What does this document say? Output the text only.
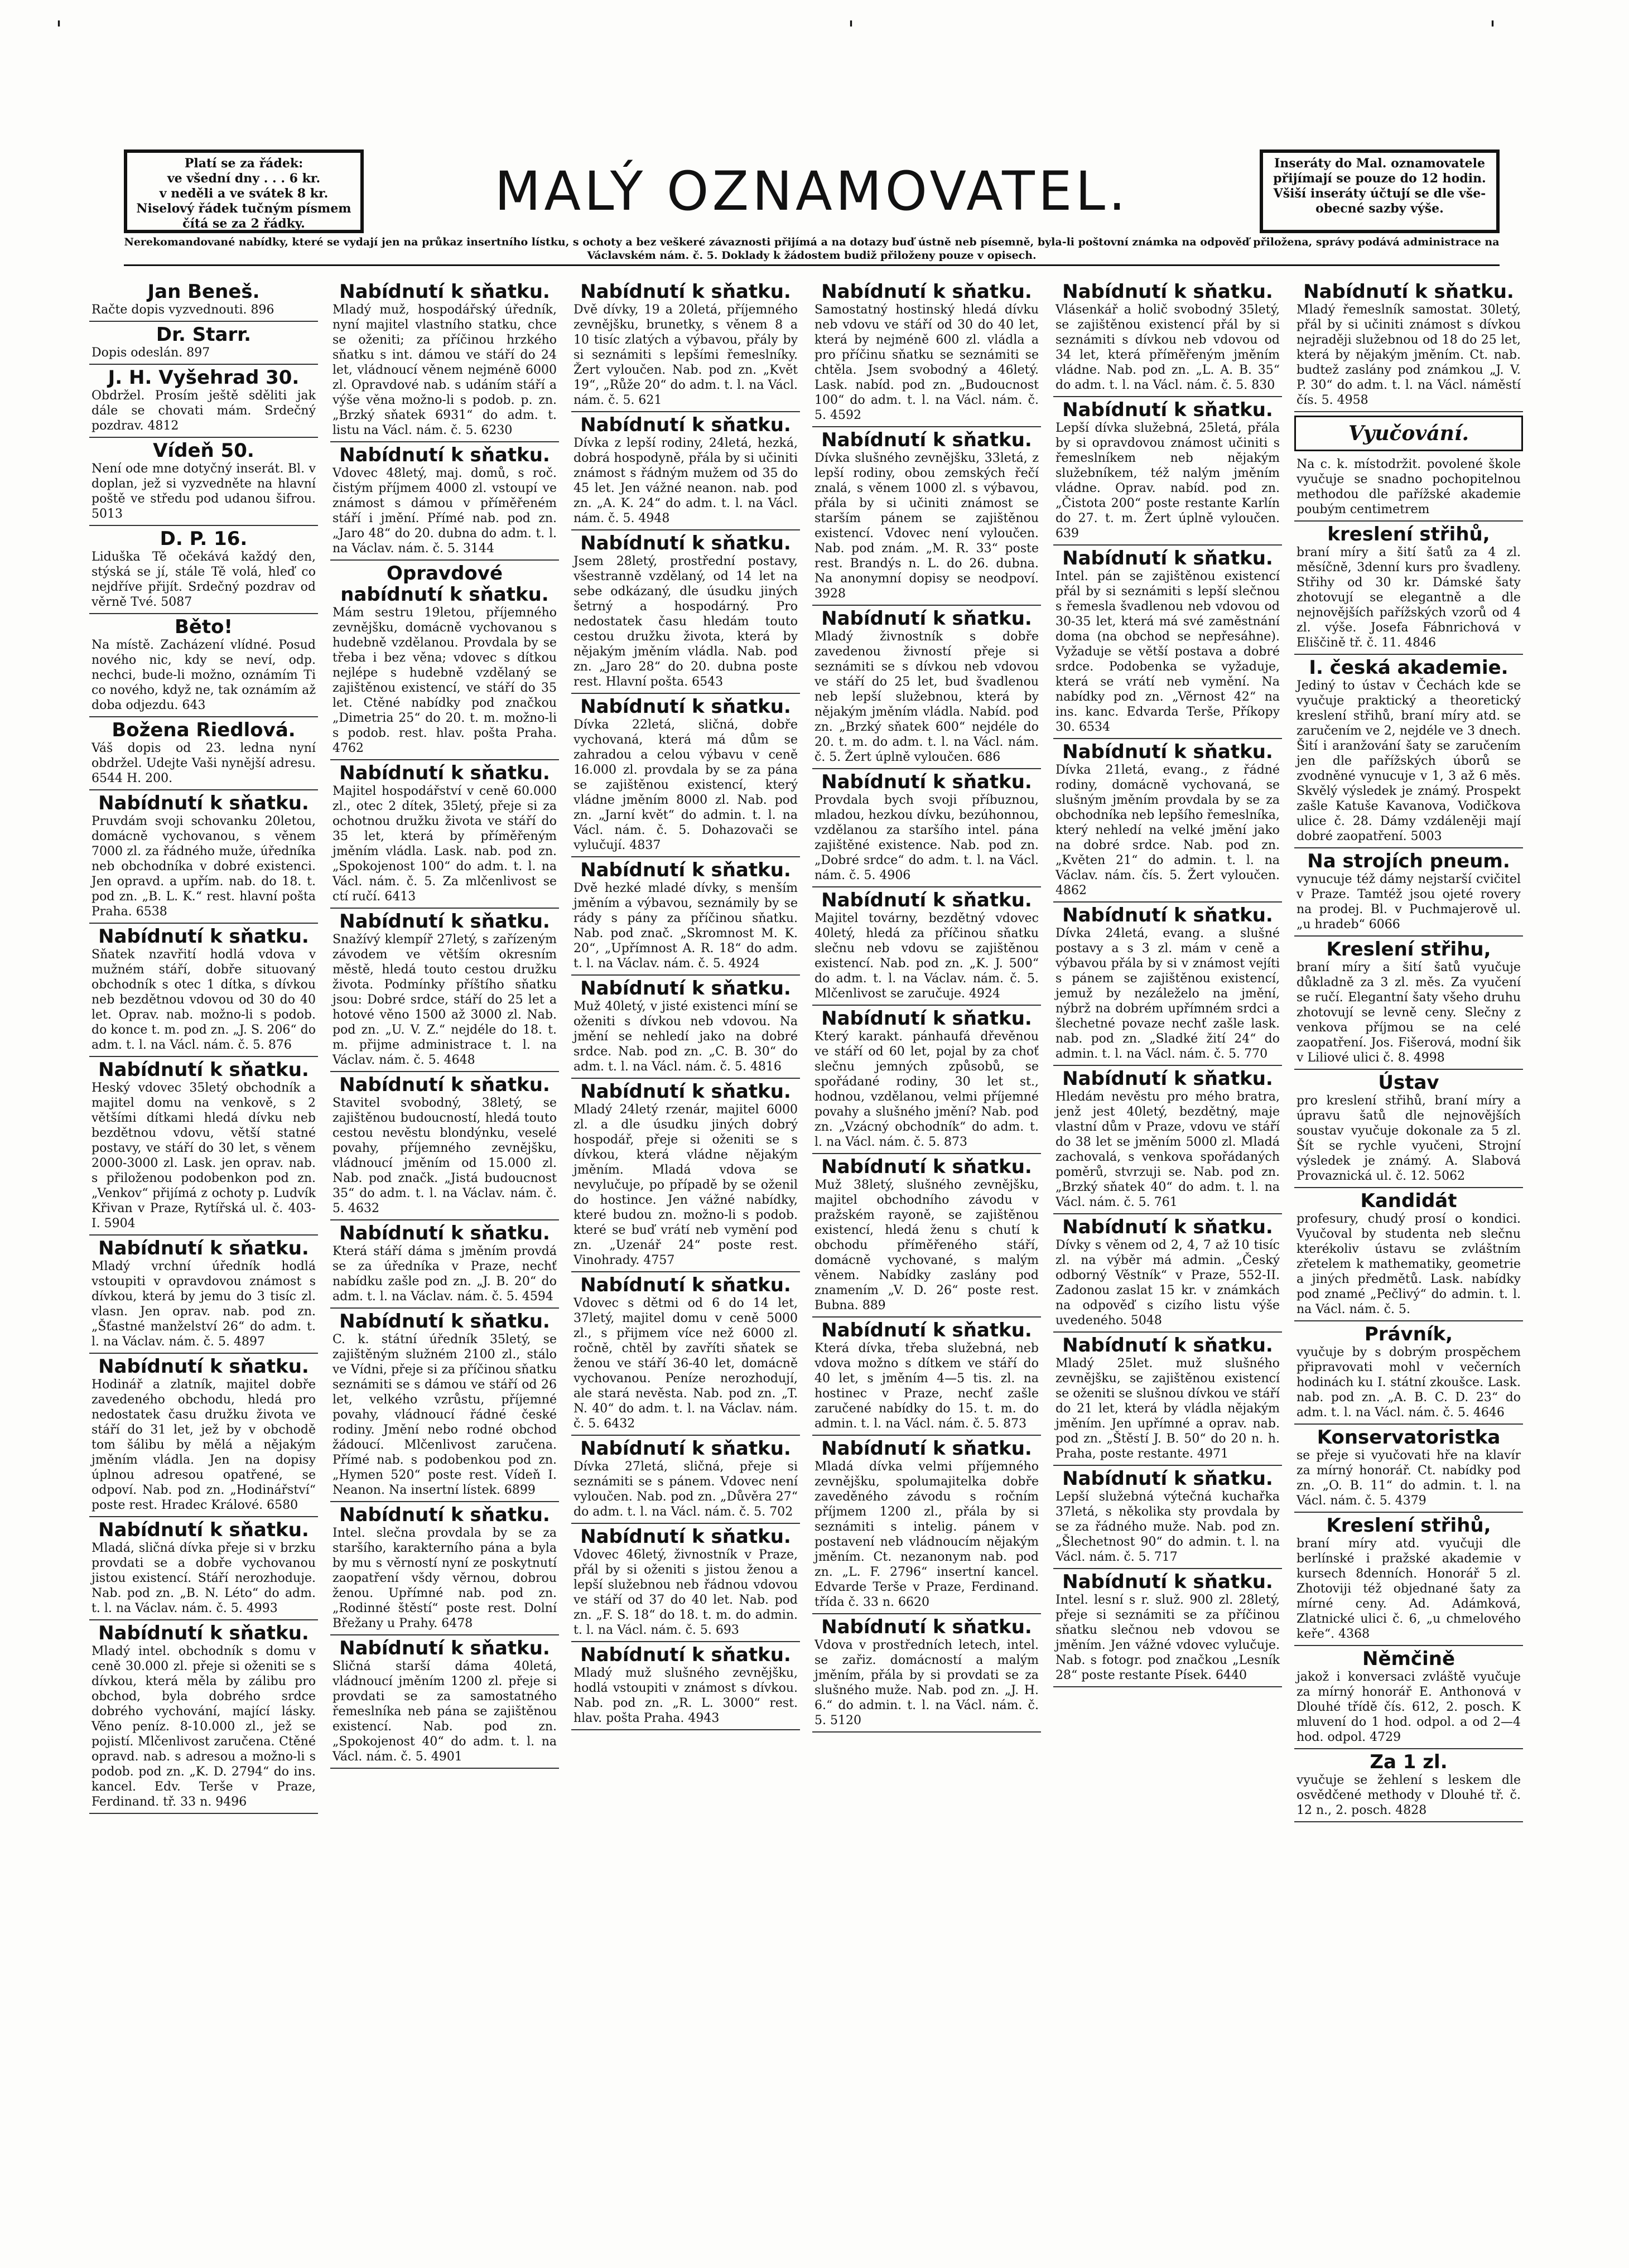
'	'	'
Platí se za řádek:
ve všední dny . . . 6 kr.
v neděli a ve svátek 8 kr.
Niselový řádek tučným písmem
čítá se za 2 řádky.
MALÝ OZNAMOVATEL.	Inseráty do Mal. oznamovatele
přijímají se pouze do 12 hodin.
Všiší inseráty účtují se dle vše-
obecné sazby výše.
Nerekomandované nabídky, které se vydají jen na průkaz insertního lístku, s ochoty a bez veškeré závaznosti přijímá a na dotazy buď ústně neb písemně, byla-li poštovní známka na odpověď přiložena, správy podává administrace na Václavském nám. č. 5. Doklady k žádostem budiž přiloženy pouze v opisech.
Jan Beneš.

Račte dopis vyzvednouti. 896

Dr. Starr.

Dopis odeslán. 897

J. H. Vyšehrad 30.

Obdržel. Prosím ještě sděliti jak dále se chovati mám. Srdečný pozdrav. 4812

Vídeň 50.

Není ode mne dotyčný inserát. Bl. v doplan, jež si vyzvedněte na hlavní poště ve středu pod udanou šifrou. 5013

D. P. 16.

Liduška Tě očekává každý den, stýská se jí, stále Tě volá, hleď co nejdříve přijít. Srdečný pozdrav od věrně Tvé. 5087

Běto!

Na místě. Zacházení vlídné. Posud nového nic, kdy se neví, odp. nechci, bude-li možno, oznámím Ti co nového, když ne, tak oznámím až doba odjezdu. 643

Božena Riedlová.

Váš dopis od 23. ledna nyní obdržel. Udejte Vaši nynější adresu. 6544 H. 200.

Nabídnutí k sňatku.

Pruvdám svoji schovanku 20letou, domácně vychovanou, s věnem 7000 zl. za řádného muže, úředníka neb obchodníka v dobré existenci. Jen opravd. a upřím. nab. do 18. t. pod zn. „B. L. K.“ rest. hlavní pošta Praha. 6538

Nabídnutí k sňatku.

Sňatek nzavřití hodlá vdova v mužném stáří, dobře situovaný obchodník s otec 1 dítka, s dívkou neb bezdětnou vdovou od 30 do 40 let. Oprav. nab. možno-li s podob. do konce t. m. pod zn. „J. S. 206“ do adm. t. l. na Václ. nám. č. 5. 876

Nabídnutí k sňatku.

Heský vdovec 35letý obchodník a majitel domu na venkově, s 2 většími dítkami hledá dívku neb bezdětnou vdovu, větší statné postavy, ve stáří do 30 let, s věnem 2000-3000 zl. Lask. jen oprav. nab. s přiloženou podobenkon pod zn. „Venkov“ přijímá z ochoty p. Ludvík Křivan v Praze, Rytířská ul. č. 403-I. 5904

Nabídnutí k sňatku.

Mladý vrchní úředník hodlá vstoupiti v opravdovou známost s dívkou, která by jemu do 3 tisíc zl. vlasn. Jen oprav. nab. pod zn. „Šťastné manželství 26“ do adm. t. l. na Václav. nám. č. 5. 4897

Nabídnutí k sňatku.

Hodinář a zlatník, majitel dobře zavedeného obchodu, hledá pro nedostatek času družku života ve stáří do 31 let, jež by v obchodě tom šálibu by mělá a nějakým jměním vládla. Jen na dopisy úplnou adresou opatřené, se odpoví. Nab. pod zn. „Hodinářství“ poste rest. Hradec Králové. 6580

Nabídnutí k sňatku.

Mladá, sličná dívka přeje si v brzku provdati se a dobře vychovanou jistou existencí. Stáří nerozhoduje. Nab. pod zn. „B. N. Léto“ do adm. t. l. na Václav. nám. č. 5. 4993

Nabídnutí k sňatku.

Mladý intel. obchodník s domu v ceně 30.000 zl. přeje si oženiti se s dívkou, která měla by zálibu pro obchod, byla dobrého srdce dobrého vychování, mající lásky. Věno peníz. 8-10.000 zl., jež se pojistí. Mlčenlivost zaručena. Ctěné opravd. nab. s adresou a možno-li s podob. pod zn. „K. D. 2794“ do ins. kancel. Edv. Terše v Praze, Ferdinand. tř. 33 n. 9496

Nabídnutí k sňatku.

Mladý muž, hospodářský úředník, nyní majitel vlastního statku, chce se oženiti; za příčinou hrzkého sňatku s int. dámou ve stáří do 24 let, vládnoucí věnem nejméně 6000 zl. Opravdové nab. s udáním stáří a výše věna možno-li s podob. p. zn. „Brzký sňatek 6931“ do adm. t. listu na Václ. nám. č. 5. 6230

Nabídnutí k sňatku.

Vdovec 48letý, maj. domů, s roč. čistým příjmem 4000 zl. vstoupí ve známost s dámou v příměřeném stáří i jmění. Přímé nab. pod zn. „Jaro 48“ do 20. dubna do adm. t. l. na Václav. nám. č. 5. 3144

Opravdové nabídnutí k sňatku.

Mám sestru 19letou, příjemného zevnějšku, domácně vychovanou s hudebně vzdělanou. Provdala by se třeba i bez věna; vdovec s dítkou nejlépe s hudebně vzdělaný se zajištěnou existencí, ve stáří do 35 let. Ctěné nabídky pod značkou „Dimetria 25“ do 20. t. m. možno-li s podob. rest. hlav. pošta Praha. 4762

Nabídnutí k sňatku.

Majitel hospodářství v ceně 60.000 zl., otec 2 dítek, 35letý, přeje si za ochotnou družku života ve stáří do 35 let, která by příměřeným jměním vládla. Lask. nab. pod zn. „Spokojenost 100“ do adm. t. l. na Václ. nám. č. 5. Za mlčenlivost se ctí ručí. 6413

Nabídnutí k sňatku.

Snažívý klempíř 27letý, s zařízeným závodem ve větším okresním městě, hledá touto cestou družku života. Podmínky příštího sňatku jsou: Dobré srdce, stáří do 25 let a hotové věno 1500 až 3000 zl. Nab. pod zn. „U. V. Z.“ nejdéle do 18. t. m. přijme administrace t. l. na Václav. nám. č. 5. 4648

Nabídnutí k sňatku.

Stavitel svobodný, 38letý, se zajištěnou budoucností, hledá touto cestou nevěstu blondýnku, veselé povahy, příjemného zevnějšku, vládnoucí jměním od 15.000 zl. Nab. pod značk. „Jistá budoucnost 35“ do adm. t. l. na Václav. nám. č. 5. 4632

Nabídnutí k sňatku.

Která stáří dáma s jměním provdá se za úředníka v Praze, nechť nabídku zašle pod zn. „J. B. 20“ do adm. t. l. na Václav. nám. č. 5. 4594

Nabídnutí k sňatku.

C. k. státní úředník 35letý, se zajištěným služném 2100 zl., stálo ve Vídni, přeje si za příčinou sňatku seznámiti se s dámou ve stáří od 26 let, velkého vzrůstu, příjemné povahy, vládnoucí řádné české rodiny. Jmění nebo rodné obchod žádoucí. Mlčenlivost zaručena. Přímé nab. s podobenkou pod zn. „Hymen 520“ poste rest. Vídeň I. Neanon. Na insertní lístek. 6899

Nabídnutí k sňatku.

Intel. slečna provdala by se za staršího, karakterního pána a byla by mu s věrností nyní ze poskytnutí zaopatření všdy věrnou, dobrou ženou. Upřímné nab. pod zn. „Rodinné štěstí“ poste rest. Dolní Břežany u Prahy. 6478

Nabídnutí k sňatku.

Sličná starší dáma 40letá, vládnoucí jměním 1200 zl. přeje si provdati se za samostatného řemeslníka neb pána se zajištěnou existencí. Nab. pod zn. „Spokojenost 40“ do adm. t. l. na Václ. nám. č. 5. 4901

Nabídnutí k sňatku.

Dvě dívky, 19 a 20letá, příjemného zevnějšku, brunetky, s věnem 8 a 10 tisíc zlatých a výbavou, přály by si seznámiti s lepšími řemeslníky. Žert vyloučen. Nab. pod zn. „Květ 19“, „Růže 20“ do adm. t. l. na Václ. nám. č. 5. 621

Nabídnutí k sňatku.

Dívka z lepší rodiny, 24letá, hezká, dobrá hospodyně, přála by si učiniti známost s řádným mužem od 35 do 45 let. Jen vážné neanon. nab. pod zn. „A. K. 24“ do adm. t. l. na Václ. nám. č. 5. 4948

Nabídnutí k sňatku.

Jsem 28letý, prostřední postavy, všestranně vzdělaný, od 14 let na sebe odkázaný, dle úsudku jiných šetrný a hospodárný. Pro nedostatek času hledám touto cestou družku života, která by nějakým jměním vládla. Nab. pod zn. „Jaro 28“ do 20. dubna poste rest. Hlavní pošta. 6543

Nabídnutí k sňatku.

Dívka 22letá, sličná, dobře vychovaná, která má dům se zahradou a celou výbavu v ceně 16.000 zl. provdala by se za pána se zajištěnou existencí, který vládne jměním 8000 zl. Nab. pod zn. „Jarní květ“ do admin. t. l. na Václ. nám. č. 5. Dohazovači se vylučují. 4837

Nabídnutí k sňatku.

Dvě hezké mladé dívky, s menším jměním a výbavou, seznámily by se rády s pány za příčinou sňatku. Nab. pod znač. „Skromnost M. K. 20“, „Upřímnost A. R. 18“ do adm. t. l. na Václav. nám. č. 5. 4924

Nabídnutí k sňatku.

Muž 40letý, v jisté existenci míní se oženiti s dívkou neb vdovou. Na jmění se nehledí jako na dobré srdce. Nab. pod zn. „C. B. 30“ do adm. t. l. na Václ. nám. č. 5. 4816

Nabídnutí k sňatku.

Mladý 24letý rzenár, majitel 6000 zl. a dle úsudku jiných dobrý hospodář, přeje si oženiti se s dívkou, která vládne nějakým jměním. Mladá vdova se nevylučuje, po případě by se oženil do hostince. Jen vážné nabídky, které budou zn. možno-li s podob. které se buď vrátí neb vymění pod zn. „Uzenář 24“ poste rest. Vinohrady. 4757

Nabídnutí k sňatku.

Vdovec s dětmi od 6 do 14 let, 37letý, majitel domu v ceně 5000 zl., s přijmem více než 6000 zl. ročně, chtěl by zavříti sňatek se ženou ve stáří 36-40 let, domácně vychovanou. Peníze nerozhodují, ale stará nevěsta. Nab. pod zn. „T. N. 40“ do adm. t. l. na Václav. nám. č. 5. 6432

Nabídnutí k sňatku.

Dívka 27letá, sličná, přeje si seznámiti se s pánem. Vdovec není vyloučen. Nab. pod zn. „Důvěra 27“ do adm. t. l. na Václ. nám. č. 5. 702

Nabídnutí k sňatku.

Vdovec 46letý, živnostník v Praze, přál by si oženiti s jistou ženou a lepší služebnou neb řádnou vdovou ve stáří od 37 do 40 let. Nab. pod zn. „F. S. 18“ do 18. t. m. do admin. t. l. na Václ. nám. č. 5. 693

Nabídnutí k sňatku.

Mladý muž slušného zevnějšku, hodlá vstoupiti v známost s dívkou. Nab. pod zn. „R. L. 3000“ rest. hlav. pošta Praha. 4943

Nabídnutí k sňatku.

Samostatný hostinský hledá dívku neb vdovu ve stáří od 30 do 40 let, která by nejméně 600 zl. vládla a pro příčinu sňatku se seznámiti se chtěla. Jsem svobodný a 46letý. Lask. nabíd. pod zn. „Budoucnost 100“ do adm. t. l. na Václ. nám. č. 5. 4592

Nabídnutí k sňatku.

Dívka slušného zevnějšku, 33letá, z lepší rodiny, obou zemských řečí znalá, s věnem 1000 zl. s výbavou, přála by si učiniti známost se starším pánem se zajištěnou existencí. Vdovec není vyloučen. Nab. pod znám. „M. R. 33“ poste rest. Brandýs n. L. do 26. dubna. Na anonymní dopisy se neodpoví. 3928

Nabídnutí k sňatku.

Mladý živnostník s dobře zavedenou živností přeje si seznámiti se s dívkou neb vdovou ve stáří do 25 let, bud švadlenou neb lepší služebnou, která by nějakým jměním vládla. Nabíd. pod zn. „Brzký sňatek 600“ nejdéle do 20. t. m. do adm. t. l. na Václ. nám. č. 5. Žert úplně vyloučen. 686

Nabídnutí k sňatku.

Provdala bych svoji příbuznou, mladou, hezkou dívku, bezúhonnou, vzdělanou za staršího intel. pána zajištěné existence. Nab. pod zn. „Dobré srdce“ do adm. t. l. na Václ. nám. č. 5. 4906

Nabídnutí k sňatku.

Majitel továrny, bezdětný vdovec 40letý, hledá za příčinou sňatku slečnu neb vdovu se zajištěnou existencí. Nab. pod zn. „K. J. 500“ do adm. t. l. na Václav. nám. č. 5. Mlčenlivost se zaručuje. 4924

Nabídnutí k sňatku.

Který karakt. pánhaufá dřevěnou ve stáří od 60 let, pojal by za choť slečnu jemných způsobů, se spořádané rodiny, 30 let st., hodnou, vzdělanou, velmi příjemné povahy a slušného jmění? Nab. pod zn. „Vzácný obchodník“ do adm. t. l. na Václ. nám. č. 5. 873

Nabídnutí k sňatku.

Muž 38letý, slušného zevnějšku, majitel obchodního závodu v pražském rayoně, se zajištěnou existencí, hledá ženu s chutí k obchodu příměřeného stáří, domácně vychované, s malým věnem. Nabídky zaslány pod znamením „V. D. 26“ poste rest. Bubna. 889

Nabídnutí k sňatku.

Která dívka, třeba služebná, neb vdova možno s dítkem ve stáří do 40 let, s jměním 4—5 tis. zl. na hostinec v Praze, nechť zašle zaručené nabídky do 15. t. m. do admin. t. l. na Václ. nám. č. 5. 873

Nabídnutí k sňatku.

Mladá dívka velmi příjemného zevnějšku, spolumajitelka dobře zaveděného závodu s ročním příjmem 1200 zl., přála by si seznámiti s intelig. pánem v postavení neb vládnoucím nějakým jměním. Ct. nezanonym nab. pod zn. „L. F. 2796“ insertní kancel. Edvarde Terše v Praze, Ferdinand. třída č. 33 n. 6620

Nabídnutí k sňatku.

Vdova v prostředních letech, intel. se zařiz. domácností a malým jměním, přála by si provdati se za slušného muže. Nab. pod zn. „J. H. 6.“ do admin. t. l. na Václ. nám. č. 5. 5120

Nabídnutí k sňatku.

Vlásenkář a holič svobodný 35letý, se zajištěnou existencí přál by si seznámiti s dívkou neb vdovou od 34 let, která příměřeným jměním vládne. Nab. pod zn. „L. A. B. 35“ do adm. t. l. na Václ. nám. č. 5. 830

Nabídnutí k sňatku.

Lepší dívka služebná, 25letá, přála by si opravdovou známost učiniti s řemeslníkem neb nějakým služebníkem, též nalým jměním vládne. Oprav. nabíd. pod zn. „Čistota 200“ poste restante Karlín do 27. t. m. Žert úplně vyloučen. 639

Nabídnutí k sňatku.

Intel. pán se zajištěnou existencí přál by si seznámiti s lepší slečnou s řemesla švadlenou neb vdovou od 30-35 let, která má své zaměstnání doma (na obchod se nepřesáhne). Vyžaduje se větší postava a dobré srdce. Podobenka se vyžaduje, která se vrátí neb vymění. Na nabídky pod zn. „Věrnost 42“ na ins. kanc. Edvarda Terše, Příkopy 30. 6534

Nabídnutí k sňatku.

Dívka 21letá, evang., z řádné rodiny, domácně vychovaná, se slušným jměním provdala by se za obchodníka neb lepšího řemeslníka, který nehledí na velké jmění jako na dobré srdce. Nab. pod zn. „Květen 21“ do admin. t. l. na Václav. nám. čís. 5. Žert vyloučen. 4862

Nabídnutí k sňatku.

Dívka 24letá, evang. a slušné postavy a s 3 zl. mám v ceně a výbavou přála by si v známost vejíti s pánem se zajištěnou existencí, jemuž by nezáleželo na jmění, nýbrž na dobrém upřímném srdci a šlechetné povaze nechť zašle lask. nab. pod zn. „Sladké žití 24“ do admin. t. l. na Václ. nám. č. 5. 770

Nabídnutí k sňatku.

Hledám nevěstu pro mého bratra, jenž jest 40letý, bezdětný, maje vlastní dům v Praze, vdovu ve stáří do 38 let se jměním 5000 zl. Mladá zachovalá, s venkova spořádaných poměrů, stvrzuji se. Nab. pod zn. „Brzký sňatek 40“ do adm. t. l. na Václ. nám. č. 5. 761

Nabídnutí k sňatku.

Dívky s věnem od 2, 4, 7 až 10 tisíc zl. na výběr má admin. „Český odborný Věstník“ v Praze, 552-II. Zadonou zaslat 15 kr. v známkách na odpověď s cizího listu výše uvedeného. 5048

Nabídnutí k sňatku.

Mladý 25let. muž slušného zevnějšku, se zajištěnou existencí se oženiti se slušnou dívkou ve stáří do 21 let, která by vládla nějakým jměním. Jen upřímné a oprav. nab. pod zn. „Štěstí J. B. 50“ do 20 n. h. Praha, poste restante. 4971

Nabídnutí k sňatku.

Lepší služebná výtečná kuchařka 37letá, s několika sty provdala by se za řádného muže. Nab. pod zn. „Šlechetnost 90“ do admin. t. l. na Václ. nám. č. 5. 717

Nabídnutí k sňatku.

Intel. lesní s r. služ. 900 zl. 28letý, přeje si seznámiti se za příčinou sňatku slečnou neb vdovou se jměním. Jen vážné vdovec vylučuje. Nab. s fotogr. pod značkou „Lesník 28“ poste restante Písek. 6440

Nabídnutí k sňatku.

Mladý řemeslník samostat. 30letý, přál by si učiniti známost s dívkou nejraději služebnou od 18 do 25 let, která by nějakým jměním. Ct. nab. budtež zaslány pod známkou „J. V. P. 30“ do adm. t. l. na Václ. náměstí čís. 5. 4958

Vyučování.

Na c. k. místodržit. povolené škole vyučuje se snadno pochopitelnou methodou dle pařížské akademie poubým centimetrem

kreslení střihů,

braní míry a šití šatů za 4 zl. měsíčně, 3denní kurs pro švadleny. Střihy od 30 kr. Dámské šaty zhotovují se elegantně a dle nejnovějších pařížských vzorů od 4 zl. výše. Josefa Fábnrichová v Eliščině tř. č. 11. 4846

I. česká akademie.

Jediný to ústav v Čechách kde se vyučuje praktický a theoretický kreslení střihů, braní míry atd. se zaručením ve 2, nejdéle ve 3 dnech. Šití i aranžování šaty se zaručením jen dle pařížských úborů se zvodněné vynucuje v 1, 3 až 6 měs. Skvělý výsledek je známý. Prospekt zašle Katuše Kavanova, Vodičkova ulice č. 28. Dámy vzdáleněji mají dobré zaopatření. 5003

Na strojích pneum.

vynucuje též dámy nejstarší cvičitel v Praze. Tamtéž jsou ojeté rovery na prodej. Bl. v Puchmajerově ul. „u hradeb“ 6066

Kreslení střihu,

braní míry a šití šatů vyučuje důkladně za 3 zl. měs. Za vyučení se ručí. Elegantní šaty všeho druhu zhotovují se levně ceny. Slečny z venkova příjmou se na celé zaopatření. Jos. Fišerová, modní šik v Liliové ulici č. 8. 4998

Ústav

pro kreslení střihů, braní míry a úpravu šatů dle nejnovějších soustav vyučuje dokonale za 5 zl. Šít se rychle vyučeni, Strojní výsledek je známý. A. Slabová Provaznická ul. č. 12. 5062

Kandidát

profesury, chudý prosí o kondici. Vyučoval by studenta neb slečnu kterékoliv ústavu se zvláštním zřetelem k mathematiky, geometrie a jiných předmětů. Lask. nabídky pod znamé „Pečlivý“ do admin. t. l. na Václ. nám. č. 5.

Právník,

vyučuje by s dobrým prospěchem připravovati mohl v večerních hodinách ku I. státní zkoušce. Lask. nab. pod zn. „A. B. C. D. 23“ do adm. t. l. na Václ. nám. č. 5. 4646

Konservatoristka

se přeje si vyučovati hře na klavír za mírný honorář. Ct. nabídky pod zn. „O. B. 11“ do admin. t. l. na Václ. nám. č. 5. 4379

Kreslení střihů,

braní míry atd. vyučuji dle berlínské i pražské akademie v kursech 8denních. Honorář 5 zl. Zhotoviji též objednané šaty za mírné ceny. Ad. Adámková, Zlatnické ulici č. 6, „u chmelového keře“. 4368

Němčině

jakož i konversaci zvláště vyučuje za mírný honorář E. Anthonová v Dlouhé třídě čís. 612, 2. posch. K mluvení do 1 hod. odpol. a od 2—4 hod. odpol. 4729

Za 1 zl.

vyučuje se žehlení s leskem dle osvědčené methody v Dlouhé tř. č. 12 n., 2. posch. 4828
